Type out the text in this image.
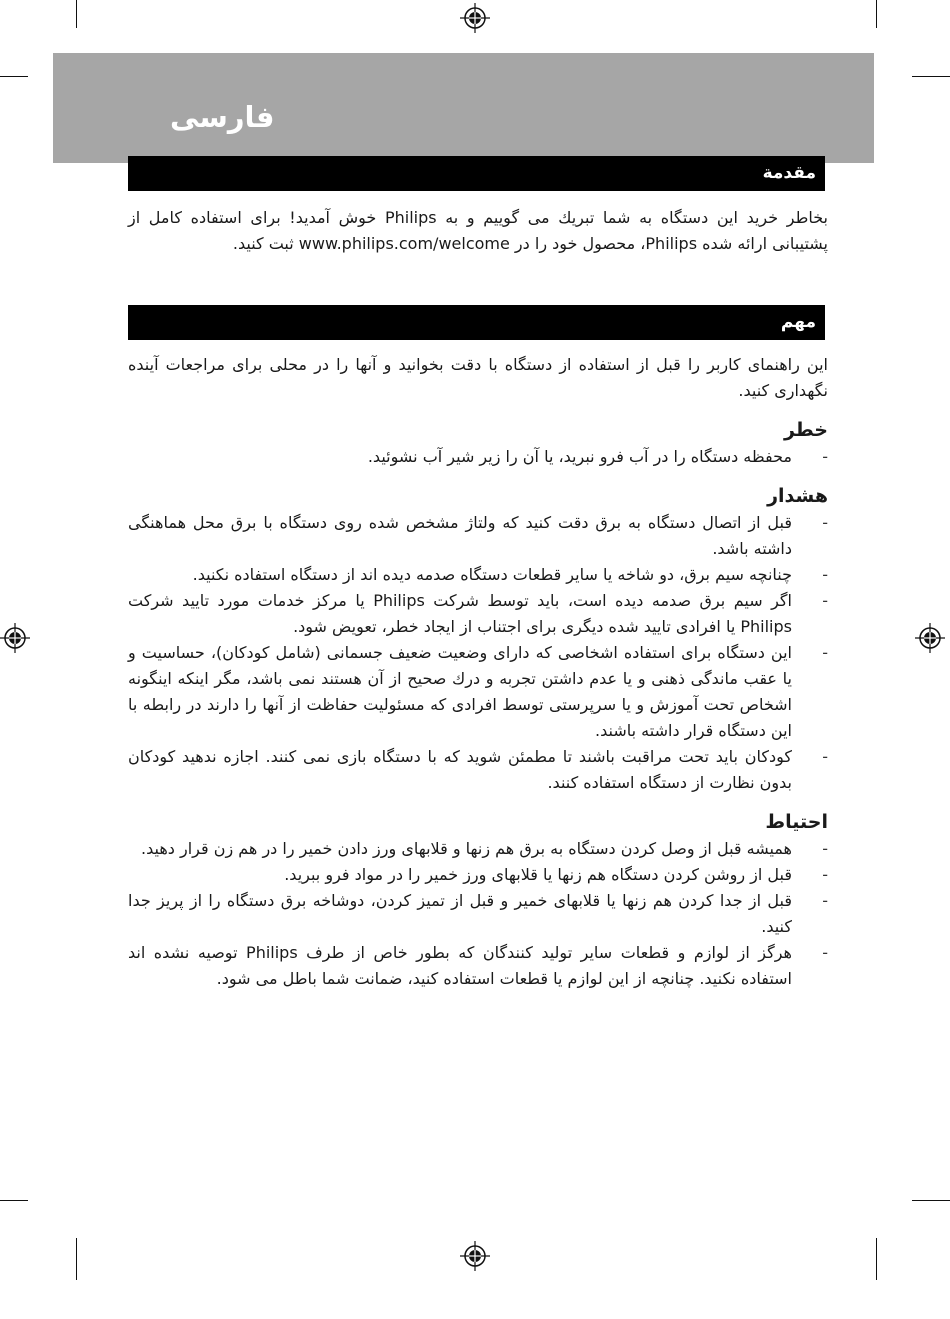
فارسی
مقدمة

بخاطر خرید این دستگاه به شما تبریك می گوییم و به Philips خوش آمدید! برای استفاده کامل از پشتیبانی ارائه شده Philips، محصول خود را در www.philips.com/welcome ثبت کنید.

مهم

این راهنمای کاربر را قبل از استفاده از دستگاه با دقت بخوانید و آنها را در محلی برای مراجعات آینده نگهداری کنید.

خطر
-
محفظه دستگاه را در آب فرو نبرید، یا آن را زیر شیر آب نشوئید.
هشدار
-
قبل از اتصال دستگاه به برق دقت کنید که ولتاژ مشخص شده روی دستگاه با برق محل هماهنگی داشته باشد.
-
چنانچه سیم برق، دو شاخه یا سایر قطعات دستگاه صدمه دیده اند از دستگاه استفاده نکنید.
-
اگر سیم برق صدمه دیده است، باید توسط شرکت Philips یا مرکز خدمات مورد تایید شرکت Philips یا افرادی تایید شده دیگری برای اجتناب از ایجاد خطر، تعویض شود.
-
این دستگاه برای استفاده اشخاصی که دارای وضعیت ضعیف جسمانی (شامل کودکان)، حساسیت و یا عقب ماندگی ذهنی و یا عدم داشتن تجربه و درك صحیح از آن هستند نمی باشد، مگر اینکه اینگونه اشخاص تحت آموزش و یا سرپرستی توسط افرادی که مسئولیت حفاظت از آنها را دارند در رابطه با این دستگاه قرار داشته باشند.
-
کودکان باید تحت مراقبت باشند تا مطمئن شوید که با دستگاه بازی نمی کنند. اجازه ندهید کودکان بدون نظارت از دستگاه استفاده کنند.
احتیاط
-
همیشه قبل از وصل کردن دستگاه به برق هم زنها و قلابهای ورز دادن خمیر را در هم زن قرار دهید.
-
قبل از روشن کردن دستگاه هم زنها یا قلابهای ورز خمیر را در مواد فرو ببرید.
-
قبل از جدا کردن هم زنها یا قلابهای خمیر و قبل از تمیز کردن، دوشاخه برق دستگاه را از پریز جدا کنید.
-
هرگز از لوازم و قطعات سایر تولید کنندگان که بطور خاص از طرف Philips توصیه نشده اند استفاده نکنید. چنانچه از این لوازم یا قطعات استفاده کنید، ضمانت شما باطل می شود.
